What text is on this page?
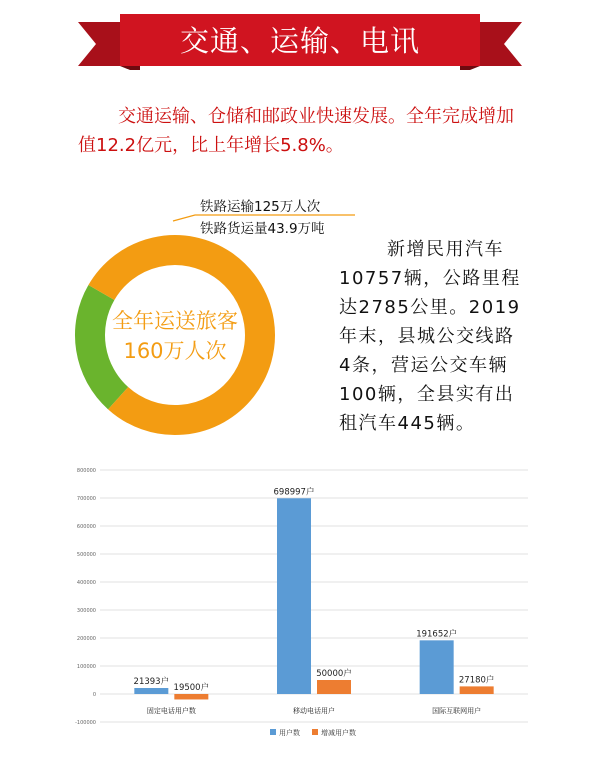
交通、运输、电讯

交通运输、仓储和邮政业快速发展。全年完成增加值12.2亿元，比上年增长5.8%。

铁路运输125万人次
铁路货运量43.9万吨
全年运送旅客
160万人次

新增民用汽车10757辆，公路里程达2785公里。2019年末，县城公交线路4条，营运公交车辆100辆，全县实有出租汽车445辆。

-100000
0
100000
200000
300000
400000
500000
600000
700000
800000
21393户
19500户
固定电话用户数
698997户
50000户
移动电话用户
191652户
27180户
国际互联网用户
用户数	增减用户数
